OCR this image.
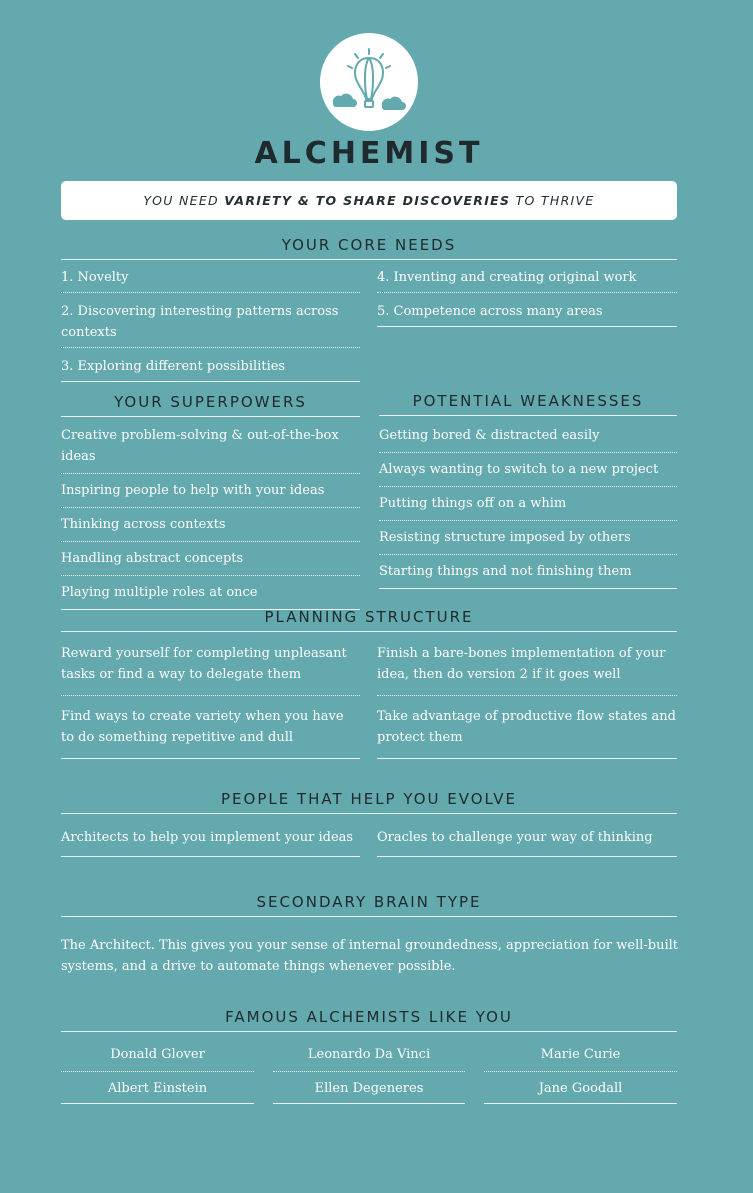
ALCHEMIST
YOU NEED VARIETY & TO SHARE DISCOVERIES TO THRIVE
YOUR CORE NEEDS
1. Novelty
2. Discovering interesting patterns across contexts
3. Exploring different possibilities
4. Inventing and creating original work
5. Competence across many areas
YOUR SUPERPOWERS	POTENTIAL WEAKNESSES
Creative problem-solving & out-of-the-box ideas
Inspiring people to help with your ideas
Thinking across contexts
Handling abstract concepts
Playing multiple roles at once
Getting bored & distracted easily
Always wanting to switch to a new project
Putting things off on a whim
Resisting structure imposed by others
Starting things and not finishing them
PLANNING STRUCTURE
Reward yourself for completing unpleasant tasks or find a way to delegate them
Find ways to create variety when you have to do something repetitive and dull
Finish a bare-bones implementation of your idea, then do version 2 if it goes well
Take advantage of productive flow states and protect them
PEOPLE THAT HELP YOU EVOLVE
Architects to help you implement your ideas	Oracles to challenge your way of thinking
SECONDARY BRAIN TYPE
The Architect. This gives you your sense of internal groundedness, appreciation for well-built systems, and a drive to automate things whenever possible.
FAMOUS ALCHEMISTS LIKE YOU
Donald Glover
Albert Einstein
Leonardo Da Vinci
Ellen Degeneres
Marie Curie
Jane Goodall
